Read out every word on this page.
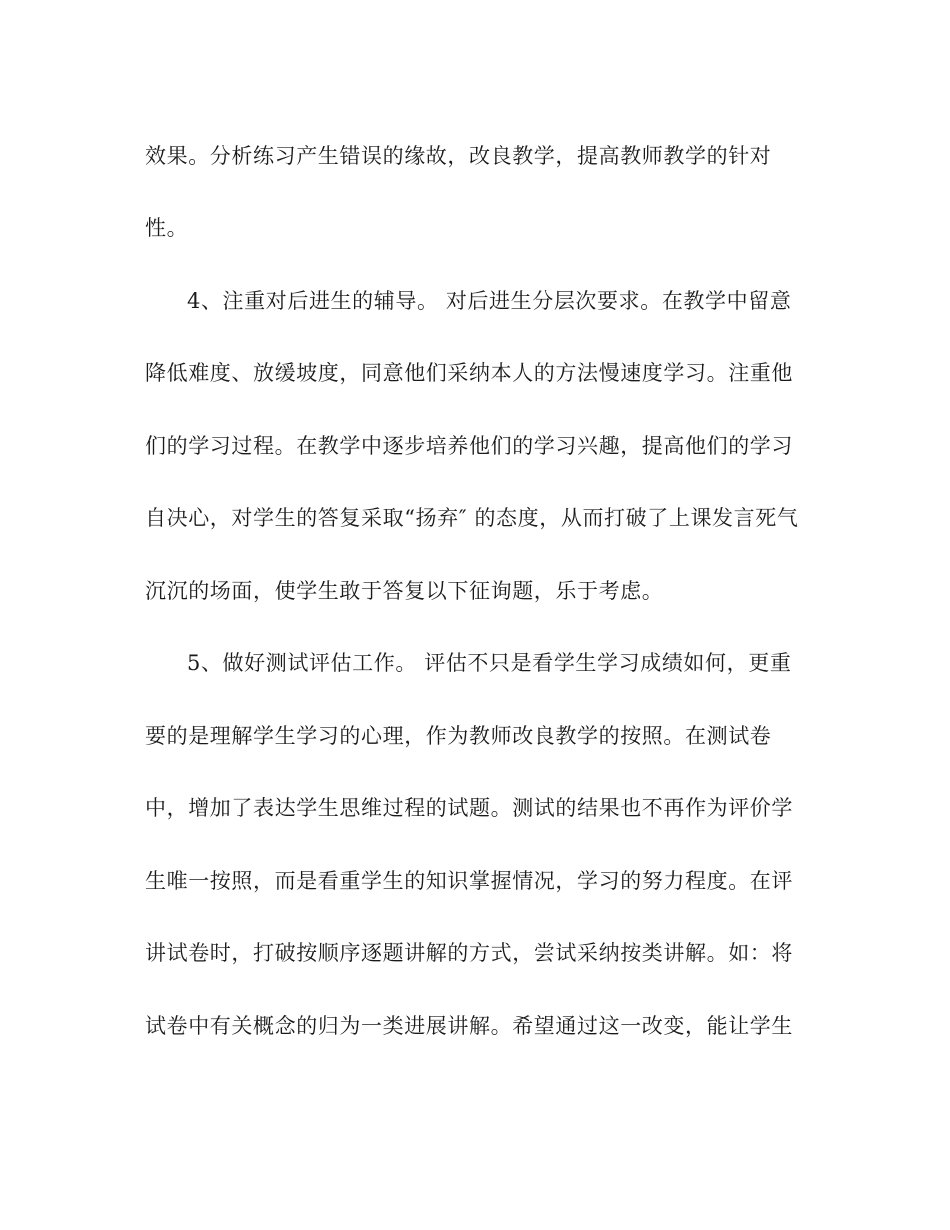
效果。分析练习产生错误的缘故，改良教学，提高教师教学的针对
性。
4、注重对后进生的辅导。 对后进生分层次要求。在教学中留意
降低难度、放缓坡度，同意他们采纳本人的方法慢速度学习。注重他
们的学习过程。在教学中逐步培养他们的学习兴趣，提高他们的学习
自决心，对学生的答复采取“扬弃″ 的态度，从而打破了上课发言死气
沉沉的场面，使学生敢于答复以下征询题，乐于考虑。
5、做好测试评估工作。 评估不只是看学生学习成绩如何，更重
要的是理解学生学习的心理，作为教师改良教学的按照。在测试卷
中，增加了表达学生思维过程的试题。测试的结果也不再作为评价学
生唯一按照，而是看重学生的知识掌握情况，学习的努力程度。在评
讲试卷时，打破按顺序逐题讲解的方式，尝试采纳按类讲解。如：将
试卷中有关概念的归为一类进展讲解。希望通过这一改变，能让学生
